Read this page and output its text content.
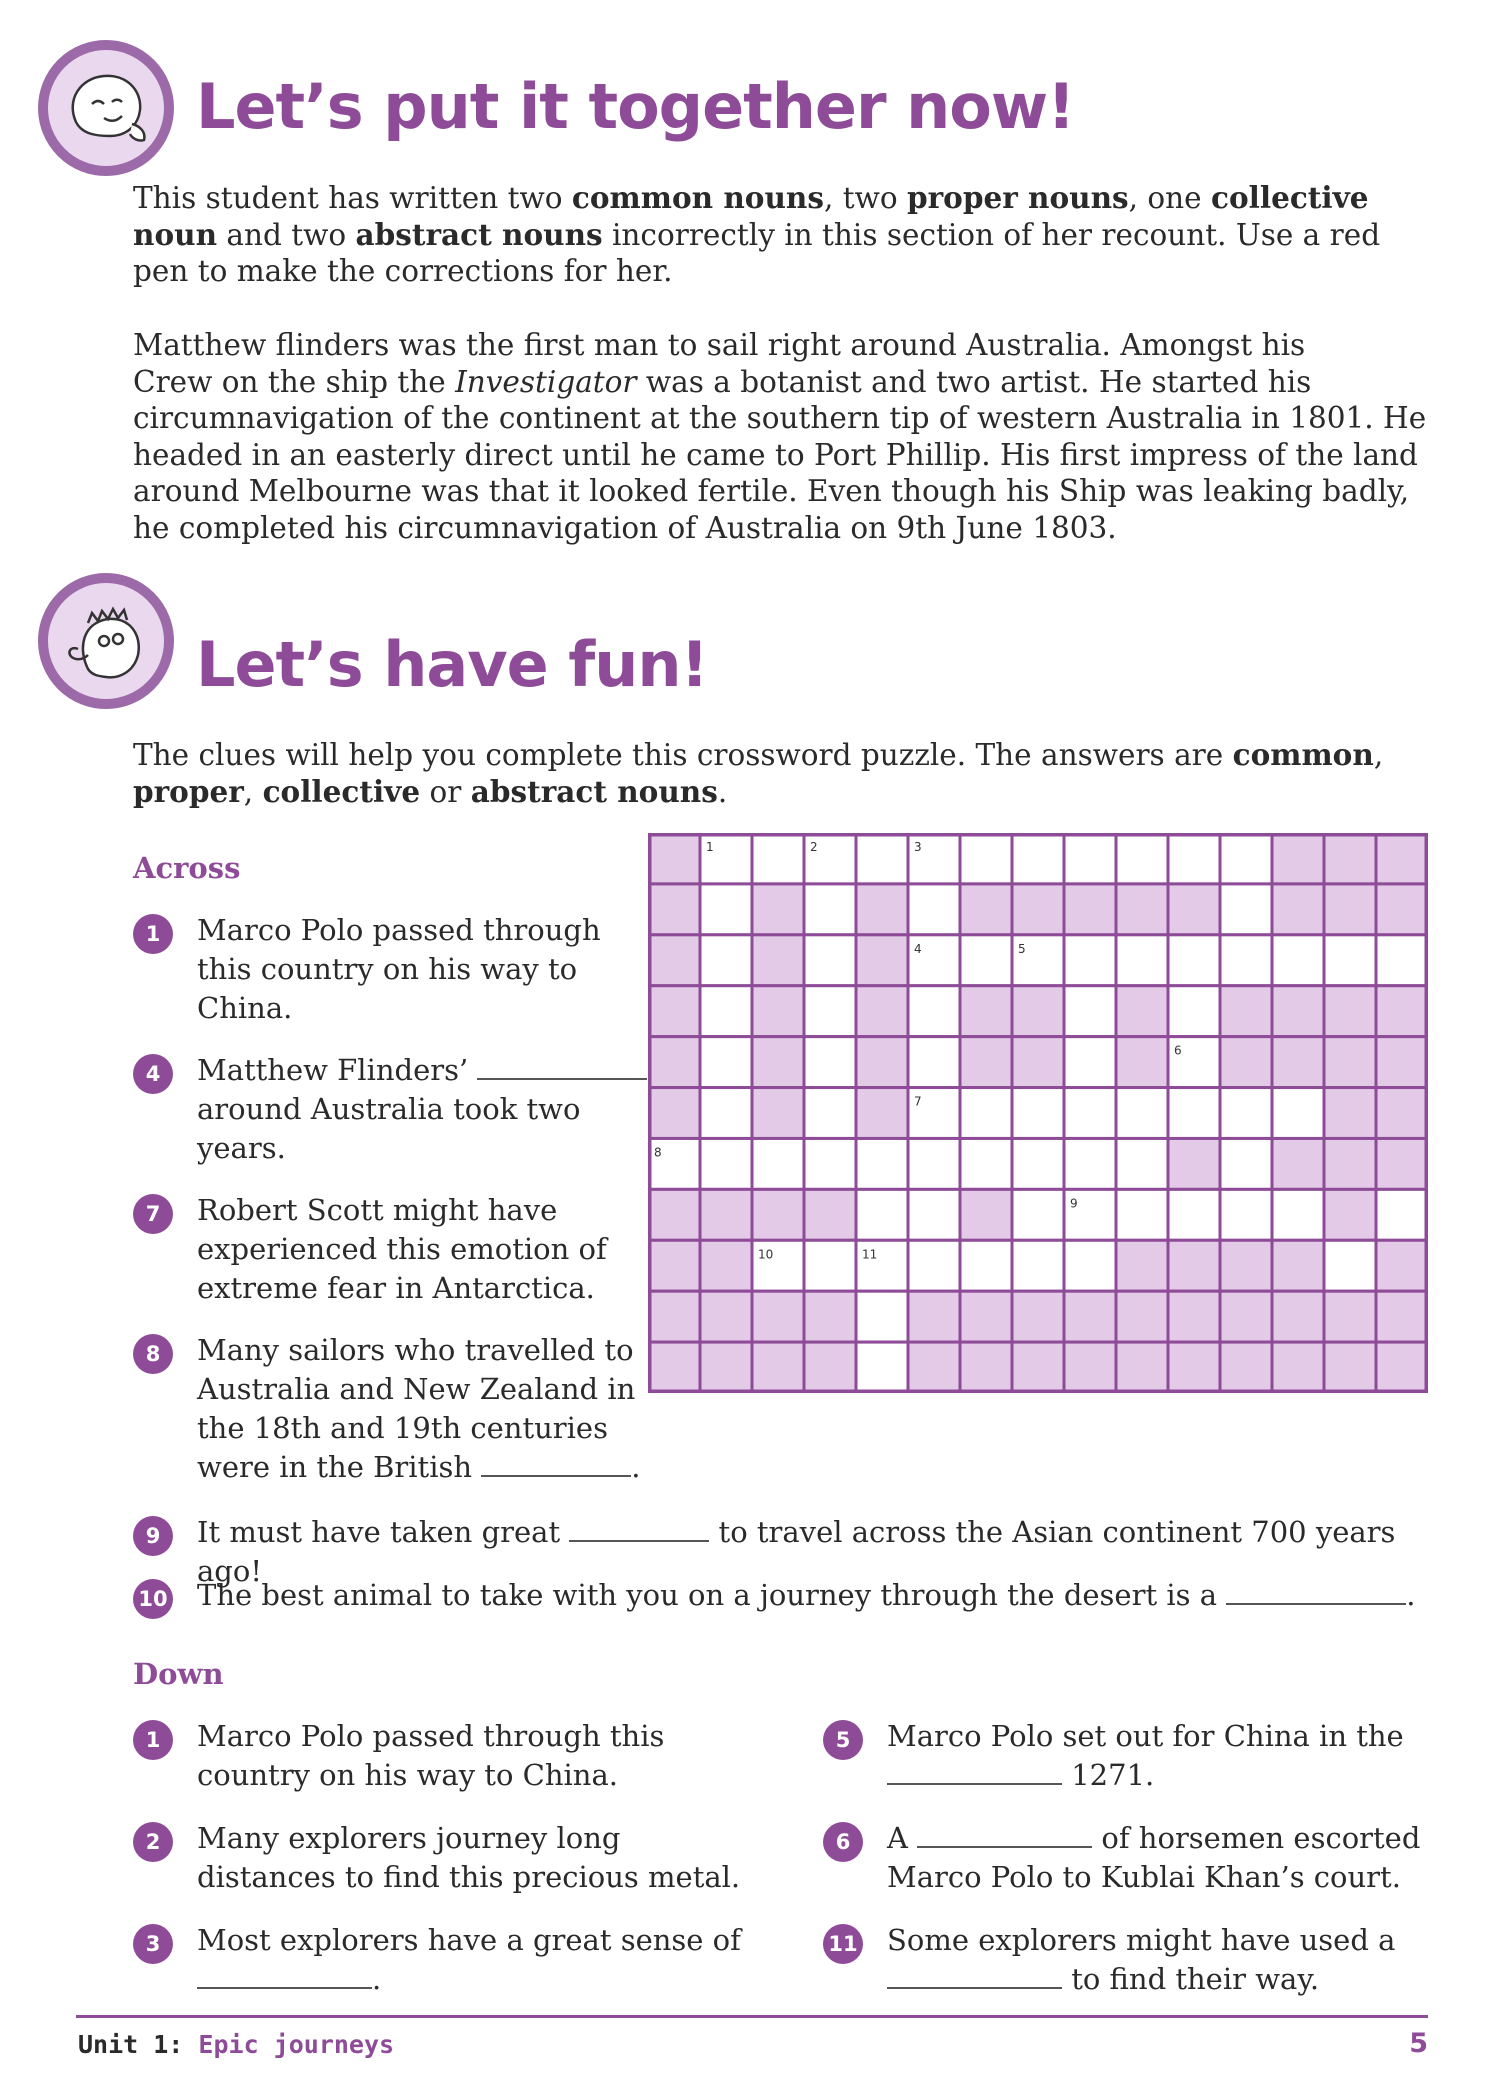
Let’s put it together now!
This student has written two common nouns, two proper nouns, one collective
noun and two abstract nouns incorrectly in this section of her recount. Use a red
pen to make the corrections for her.
Matthew flinders was the first man to sail right around Australia. Amongst his
Crew on the ship the Investigator was a botanist and two artist. He started his
circumnavigation of the continent at the southern tip of western Australia in 1801. He
headed in an easterly direct until he came to Port Phillip. His first impress of the land
around Melbourne was that it looked fertile. Even though his Ship was leaking badly,
he completed his circumnavigation of Australia on 9th June 1803.
Let’s have fun!
The clues will help you complete this crossword puzzle. The answers are common,
proper, collective or abstract nouns.
Across
1	Marco Polo passed through
this country on his way to
China.
4	Matthew Flinders’
around Australia took two
years.
7	Robert Scott might have
experienced this emotion of
extreme fear in Antarctica.
8	Many sailors who travelled to
Australia and New Zealand in
the 18th and 19th centuries
were in the British	.
9	It must have taken great	to travel across the Asian continent 700 years ago!
10 The best animal to take with you on a journey through the desert is a	.
1	2	3
4	5
6
7
8
9
10	11
Down
1	Marco Polo passed through this
country on his way to China.
2	Many explorers journey long
distances to find this precious metal.
3	Most explorers have a great sense of
.
5	Marco Polo set out for China in the
1271.
6	A	of horsemen escorted
Marco Polo to Kublai Khan’s court.
11 Some explorers might have used a
to find their way.
Unit 1: Epic journeys	5
